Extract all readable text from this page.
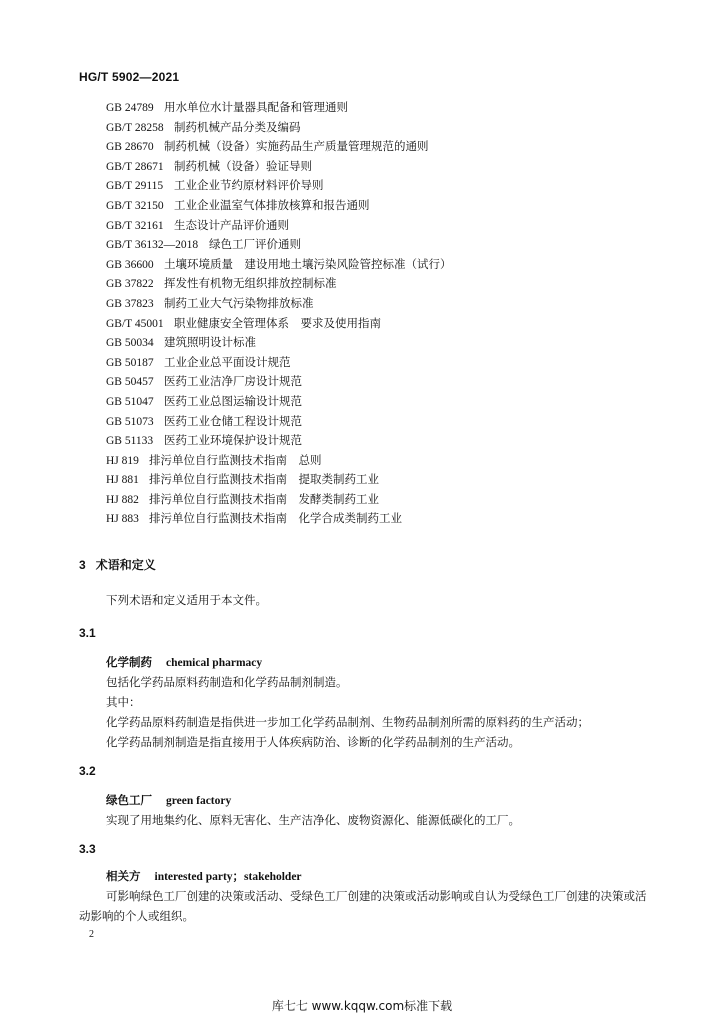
HG/T 5902—2021
GB 24789 用水单位水计量器具配备和管理通则
GB/T 28258 制药机械产品分类及编码
GB 28670 制药机械（设备）实施药品生产质量管理规范的通则
GB/T 28671 制药机械（设备）验证导则
GB/T 29115 工业企业节约原材料评价导则
GB/T 32150 工业企业温室气体排放核算和报告通则
GB/T 32161 生态设计产品评价通则
GB/T 36132—2018 绿色工厂评价通则
GB 36600 土壤环境质量　建设用地土壤污染风险管控标准（试行）
GB 37822 挥发性有机物无组织排放控制标准
GB 37823 制药工业大气污染物排放标准
GB/T 45001 职业健康安全管理体系　要求及使用指南
GB 50034 建筑照明设计标准
GB 50187 工业企业总平面设计规范
GB 50457 医药工业洁净厂房设计规范
GB 51047 医药工业总图运输设计规范
GB 51073 医药工业仓储工程设计规范
GB 51133 医药工业环境保护设计规范
HJ 819 排污单位自行监测技术指南　总则
HJ 881 排污单位自行监测技术指南　提取类制药工业
HJ 882 排污单位自行监测技术指南　发酵类制药工业
HJ 883 排污单位自行监测技术指南　化学合成类制药工业
3 术语和定义
下列术语和定义适用于本文件。
3.1
化学制药 chemical pharmacy
包括化学药品原料药制造和化学药品制剂制造。
其中：
化学药品原料药制造是指供进一步加工化学药品制剂、生物药品制剂所需的原料药的生产活动；
化学药品制剂制造是指直接用于人体疾病防治、诊断的化学药品制剂的生产活动。
3.2
绿色工厂 green factory
实现了用地集约化、原料无害化、生产洁净化、废物资源化、能源低碳化的工厂。
3.3
相关方 interested party；stakeholder
可影响绿色工厂创建的决策或活动、受绿色工厂创建的决策或活动影响或自认为受绿色工厂创建的决策或活动影响的个人或组织。
2
库七七 www.kqqw.com标准下载
